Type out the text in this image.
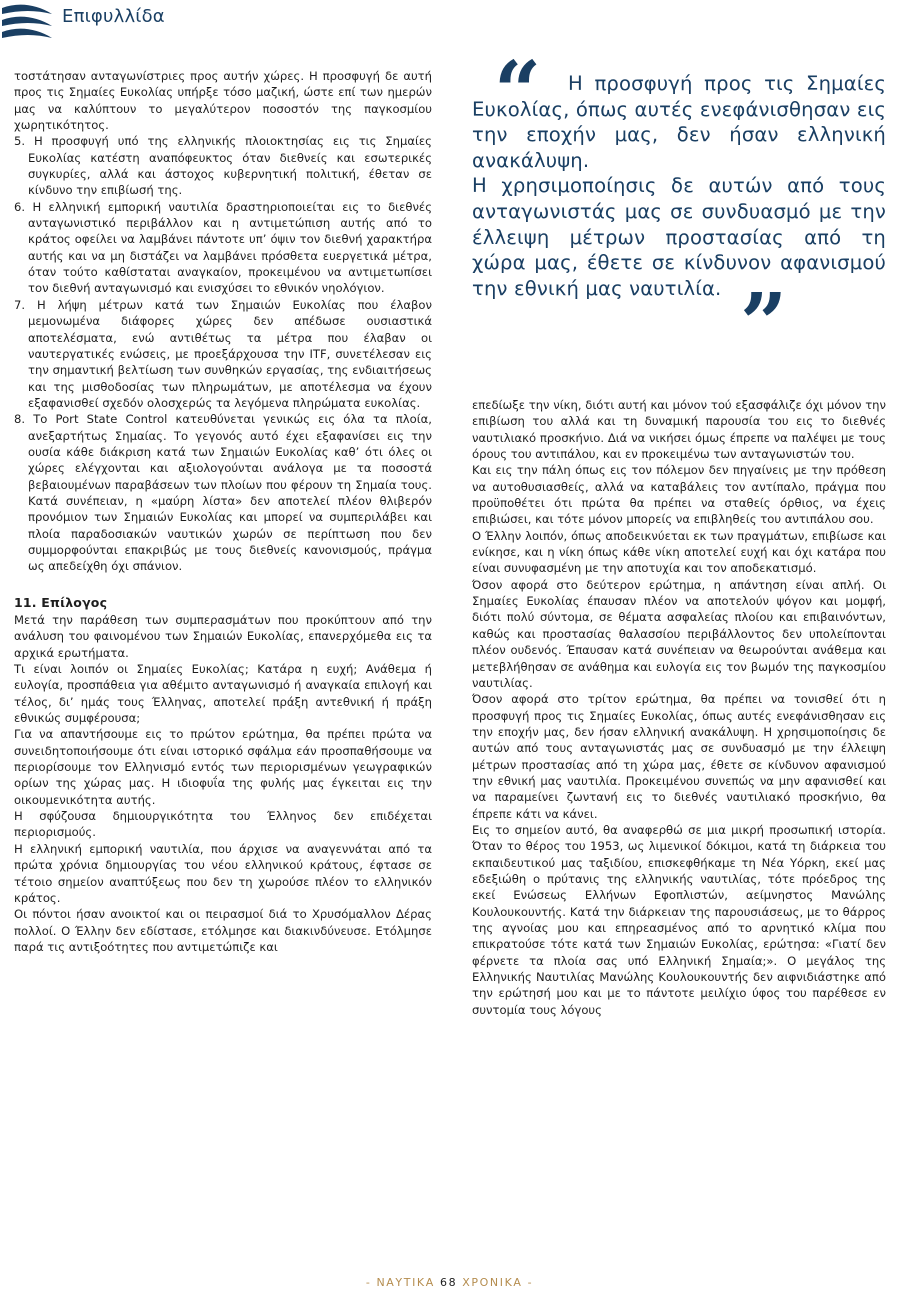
Επιφυλλίδα

τοστάτησαν ανταγωνίστριες προς αυτήν χώρες. Η προσφυγή δε αυτή προς τις Σημαίες Ευκολίας υπήρξε τόσο μαζική, ώστε επί των ημερών μας να καλύπτουν το μεγαλύτερον ποσοστόν της παγκοσμίου χωρητικότητος.

5. Η προσφυγή υπό της ελληνικής πλοιοκτησίας εις τις Σημαίες Ευκολίας κατέστη αναπόφευκτος όταν διεθνείς και εσωτερικές συγκυρίες, αλλά και άστοχος κυβερνητική πολιτική, έθεταν σε κίνδυνο την επιβίωσή της.

6. Η ελληνική εμπορική ναυτιλία δραστηριοποιείται εις το διεθνές ανταγωνιστικό περιβάλλον και η αντιμετώπιση αυτής από το κράτος οφείλει να λαμβάνει πάντοτε υπ’ όψιν τον διεθνή χαρακτήρα αυτής και να μη διστάζει να λαμβάνει πρόσθετα ευεργετικά μέτρα, όταν τούτο καθίσταται αναγκαίον, προκειμένου να αντιμετωπίσει τον διεθνή ανταγωνισμό και ενισχύσει το εθνικόν νηολόγιον.

7. Η λήψη μέτρων κατά των Σημαιών Ευκολίας που έλαβον μεμονωμένα διάφορες χώρες δεν απέδωσε ουσιαστικά αποτελέσματα, ενώ αντιθέτως τα μέτρα που έλαβαν οι ναυτεργατικές ενώσεις, με προεξάρχουσα την ITF, συνετέλεσαν εις την σημαντική βελτίωση των συνθηκών εργασίας, της ενδιαιτήσεως και της μισθοδοσίας των πληρωμάτων, με αποτέλεσμα να έχουν εξαφανισθεί σχεδόν ολοσχερώς τα λεγόμενα πληρώματα ευκολίας.

8. Το Port State Control κατευθύνεται γενικώς εις όλα τα πλοία, ανεξαρτήτως Σημαίας. Το γεγονός αυτό έχει εξαφανίσει εις την ουσία κάθε διάκριση κατά των Σημαιών Ευκολίας καθ’ ότι όλες οι χώρες ελέγχονται και αξιολογούνται ανάλογα με τα ποσοστά βεβαιουμένων παραβάσεων των πλοίων που φέρουν τη Σημαία τους. Κατά συνέπειαν, η «μαύρη λίστα» δεν αποτελεί πλέον θλιβερόν προνόμιον των Σημαιών Ευκολίας και μπορεί να συμπεριλάβει και πλοία παραδοσιακών ναυτικών χωρών σε περίπτωση που δεν συμμορφούνται επακριβώς με τους διεθνείς κανονισμούς, πράγμα ως απεδείχθη όχι σπάνιον.

11. Επίλογος

Μετά την παράθεση των συμπερασμάτων που προκύπτουν από την ανάλυση του φαινομένου των Σημαιών Ευκολίας, επανερχόμεθα εις τα αρχικά ερωτήματα.

Τι είναι λοιπόν οι Σημαίες Ευκολίας; Κατάρα η ευχή; Ανάθεμα ή ευλογία, προσπάθεια για αθέμιτο ανταγωνισμό ή αναγκαία επιλογή και τέλος, δι’ ημάς τους Έλληνας, αποτελεί πράξη αντεθνική ή πράξη εθνικώς συμφέρουσα;

Για να απαντήσουμε εις το πρώτον ερώτημα, θα πρέπει πρώτα να συνειδητοποιήσουμε ότι είναι ιστορικό σφάλμα εάν προσπαθήσουμε να περιορίσουμε τον Ελληνισμό εντός των περιορισμένων γεωγραφικών ορίων της χώρας μας. Η ιδιοφυΐα της φυλής μας έγκειται εις την οικουμενικότητα αυτής.

Η σφύζουσα δημιουργικότητα του Έλληνος δεν επιδέχεται περιορισμούς.

Η ελληνική εμπορική ναυτιλία, που άρχισε να αναγεννάται από τα πρώτα χρόνια δημιουργίας του νέου ελληνικού κράτους, έφτασε σε τέτοιο σημείον αναπτύξεως που δεν τη χωρούσε πλέον το ελληνικόν κράτος.

Οι πόντοι ήσαν ανοικτοί και οι πειρασμοί διά το Χρυσόμαλλον Δέρας πολλοί. Ο Έλλην δεν εδίστασε, ετόλμησε και διακινδύνευσε. Ετόλμησε παρά τις αντιξοότητες που αντιμετώπιζε και

“	Η προσφυγή προς τις Σημαίες Ευκολίας, όπως αυτές ενεφάνισθησαν εις την εποχήν μας, δεν ήσαν ελληνική ανακάλυψη.

Η χρησιμοποίησις δε αυτών από τους ανταγωνιστάς μας σε συνδυασμό με την έλλειψη μέτρων προστασίας από τη χώρα μας, έθετε σε κίνδυνον αφανισμού την εθνική μας ναυτιλία. ”

επεδίωξε την νίκη, διότι αυτή και μόνον τού εξασφάλιζε όχι μόνον την επιβίωση του αλλά και τη δυναμική παρουσία του εις το διεθνές ναυτιλιακό προσκήνιο. Διά να νικήσει όμως έπρεπε να παλέψει με τους όρους του αντιπάλου, και εν προκειμένω των ανταγωνιστών του.

Και εις την πάλη όπως εις τον πόλεμον δεν πηγαίνεις με την πρόθεση να αυτοθυσιασθείς, αλλά να καταβάλεις τον αντίπαλο, πράγμα που προϋποθέτει ότι πρώτα θα πρέπει να σταθείς όρθιος, να έχεις επιβιώσει, και τότε μόνον μπορείς να επιβληθείς του αντιπάλου σου.

Ο Έλλην λοιπόν, όπως αποδεικνύεται εκ των πραγμάτων, επιβίωσε και ενίκησε, και η νίκη όπως κάθε νίκη αποτελεί ευχή και όχι κατάρα που είναι συνυφασμένη με την αποτυχία και τον αποδεκατισμό.

Όσον αφορά στο δεύτερον ερώτημα, η απάντηση είναι απλή. Οι Σημαίες Ευκολίας έπαυσαν πλέον να αποτελούν ψόγον και μομφή, διότι πολύ σύντομα, σε θέματα ασφαλείας πλοίου και επιβαινόντων, καθώς και προστασίας θαλασσίου περιβάλλοντος δεν υπολείπονται πλέον ουδενός. Έπαυσαν κατά συνέπειαν να θεωρούνται ανάθεμα και μετεβλήθησαν σε ανάθημα και ευλογία εις τον βωμόν της παγκοσμίου ναυτιλίας.

Όσον αφορά στο τρίτον ερώτημα, θα πρέπει να τονισθεί ότι η προσφυγή προς τις Σημαίες Ευκολίας, όπως αυτές ενεφάνισθησαν εις την εποχήν μας, δεν ήσαν ελληνική ανακάλυψη. Η χρησιμοποίησις δε αυτών από τους ανταγωνιστάς μας σε συνδυασμό με την έλλειψη μέτρων προστασίας από τη χώρα μας, έθετε σε κίνδυνον αφανισμού την εθνική μας ναυτιλία. Προκειμένου συνεπώς να μην αφανισθεί και να παραμείνει ζωντανή εις το διεθνές ναυτιλιακό προσκήνιο, θα έπρεπε κάτι να κάνει.

Εις το σημείον αυτό, θα αναφερθώ σε μια μικρή προσωπική ιστορία. Όταν το θέρος του 1953, ως λιμενικοί δόκιμοι, κατά τη διάρκεια του εκπαιδευτικού μας ταξιδίου, επισκεφθήκαμε τη Νέα Υόρκη, εκεί μας εδεξιώθη ο πρύτανις της ελληνικής ναυτιλίας, τότε πρόεδρος της εκεί Ενώσεως Ελλήνων Εφοπλιστών, αείμνηστος Μανώλης Κουλουκουντής. Κατά την διάρκειαν της παρουσιάσεως, με το θάρρος της αγνοίας μου και επηρεασμένος από το αρνητικό κλίμα που επικρατούσε τότε κατά των Σημαιών Ευκολίας, ερώτησα: «Γιατί δεν φέρνετε τα πλοία σας υπό Ελληνική Σημαία;». Ο μεγάλος της Ελληνικής Ναυτιλίας Μανώλης Κουλουκουντής δεν αιφνιδιάστηκε από την ερώτησή μου και με το πάντοτε μειλίχιο ύφος του παρέθεσε εν συντομία τους λόγους

- ΝΑΥΤΙΚΑ 68 ΧΡΟΝΙΚΑ -
